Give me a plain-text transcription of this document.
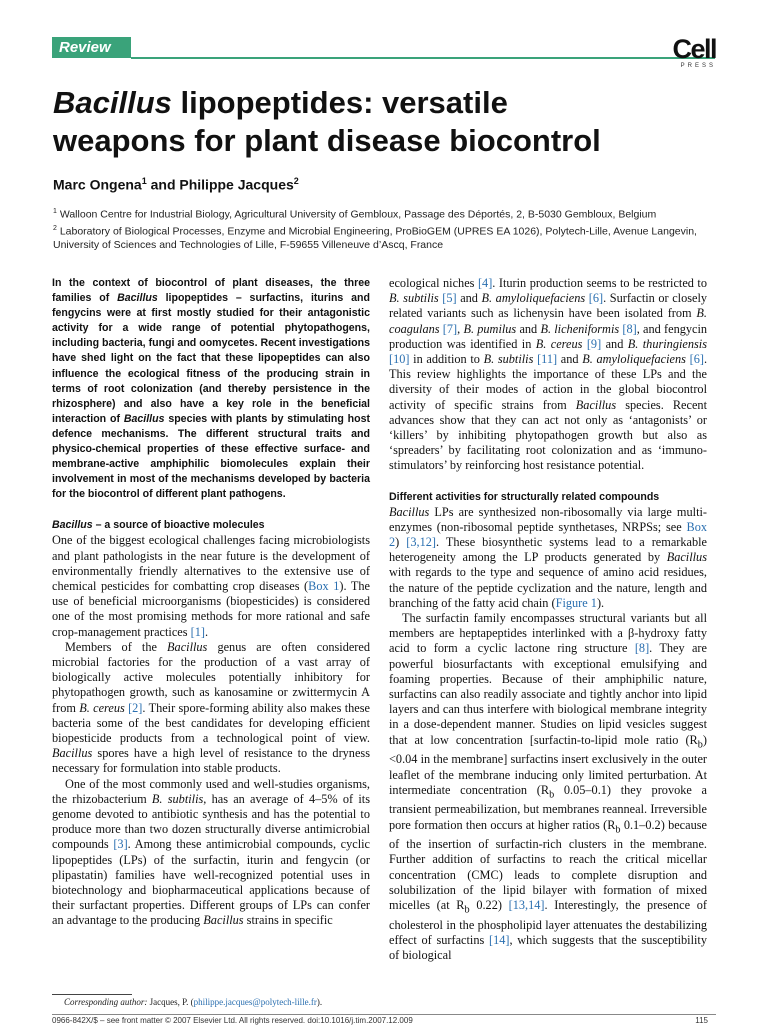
Review	Cell
PRESS
Bacillus lipopeptides: versatile
weapons for plant disease biocontrol
Marc Ongena$^1$ and Philippe Jacques$^2$
$^1$ Walloon Centre for Industrial Biology, Agricultural University of Gembloux, Passage des Déportés, 2, B-5030 Gembloux, Belgium
$^2$ Laboratory of Biological Processes, Enzyme and Microbial Engineering, ProBioGEM (UPRES EA 1026), Polytech-Lille, Avenue Langevin, University of Sciences and Technologies of Lille, F-59655 Villeneuve d’Ascq, France

In the context of biocontrol of plant diseases, the three families of Bacillus lipopeptides – surfactins, iturins and fengycins were at first mostly studied for their antagonistic activity for a wide range of potential phytopathogens, including bacteria, fungi and oomycetes. Recent investigations have shed light on the fact that these lipopeptides can also influence the ecological fitness of the producing strain in terms of root colonization (and thereby persistence in the rhizosphere) and also have a key role in the beneficial interaction of Bacillus species with plants by stimulating host defence mechanisms. The different structural traits and physico-chemical properties of these effective surface- and membrane-active amphiphilic biomolecules explain their involvement in most of the mechanisms developed by bacteria for the biocontrol of different plant pathogens.

Bacillus – a source of bioactive molecules

One of the biggest ecological challenges facing microbiologists and plant pathologists in the near future is the development of environmentally friendly alternatives to the extensive use of chemical pesticides for combatting crop diseases (Box 1). The use of beneficial microorganisms (biopesticides) is considered one of the most promising methods for more rational and safe crop-management practices [1].

Members of the Bacillus genus are often considered microbial factories for the production of a vast array of biologically active molecules potentially inhibitory for phytopathogen growth, such as kanosamine or zwittermycin A from B. cereus [2]. Their spore-forming ability also makes these bacteria some of the best candidates for developing efficient biopesticide products from a technological point of view. Bacillus spores have a high level of resistance to the dryness necessary for formulation into stable products.

One of the most commonly used and well-studies organisms, the rhizobacterium B. subtilis, has an average of 4–5% of its genome devoted to antibiotic synthesis and has the potential to produce more than two dozen structurally diverse antimicrobial compounds [3]. Among these antimicrobial compounds, cyclic lipopeptides (LPs) of the surfactin, iturin and fengycin (or plipastatin) families have well-recognized potential uses in biotechnology and biopharmaceutical applications because of their surfactant properties. Different groups of LPs can confer an advantage to the producing Bacillus strains in specific

ecological niches [4]. Iturin production seems to be restricted to B. subtilis [5] and B. amyloliquefaciens [6]. Surfactin or closely related variants such as lichenysin have been isolated from B. coagulans [7], B. pumilus and B. licheniformis [8], and fengycin production was identified in B. cereus [9] and B. thuringiensis [10] in addition to B. subtilis [11] and B. amyloliquefaciens [6]. This review highlights the importance of these LPs and the diversity of their modes of action in the global biocontrol activity of specific strains from Bacillus species. Recent advances show that they can act not only as ‘antagonists’ or ‘killers’ by inhibiting phytopathogen growth but also as ‘spreaders’ by facilitating root colonization and as ‘immuno-stimulators’ by reinforcing host resistance potential.

Different activities for structurally related compounds

Bacillus LPs are synthesized non-ribosomally via large multi-enzymes (non-ribosomal peptide synthetases, NRPSs; see Box 2) [3,12]. These biosynthetic systems lead to a remarkable heterogeneity among the LP products generated by Bacillus with regards to the type and sequence of amino acid residues, the nature of the peptide cyclization and the nature, length and branching of the fatty acid chain (Figure 1).

The surfactin family encompasses structural variants but all members are heptapeptides interlinked with a β-hydroxy fatty acid to form a cyclic lactone ring structure [8]. They are powerful biosurfactants with exceptional emulsifying and foaming properties. Because of their amphiphilic nature, surfactins can also readily associate and tightly anchor into lipid layers and can thus interfere with biological membrane integrity in a dose-dependent manner. Studies on lipid vesicles suggest that at low concentration [surfactin-to-lipid mole ratio $(R_b) <0.04$ in the membrane] surfactins insert exclusively in the outer leaflet of the membrane inducing only limited perturbation. At intermediate concentration ($R_b$ 0.05–0.1) they provoke a transient permeabilization, but membranes reanneal. Irreversible pore formation then occurs at higher ratios ($R_b$ 0.1–0.2) because of the insertion of surfactin-rich clusters in the membrane. Further addition of surfactins to reach the critical micellar concentration (CMC) leads to complete disruption and solubilization of the lipid bilayer with formation of mixed micelles (at $R_b$ 0.22) [13,14]. Interestingly, the presence of cholesterol in the phospholipid layer attenuates the destabilizing effect of surfactins [14], which suggests that the susceptibility of biological

Corresponding author: Jacques, P. (philippe.jacques@polytech-lille.fr).
0966-842X/$ – see front matter © 2007 Elsevier Ltd. All rights reserved. doi:10.1016/j.tim.2007.12.009	115
